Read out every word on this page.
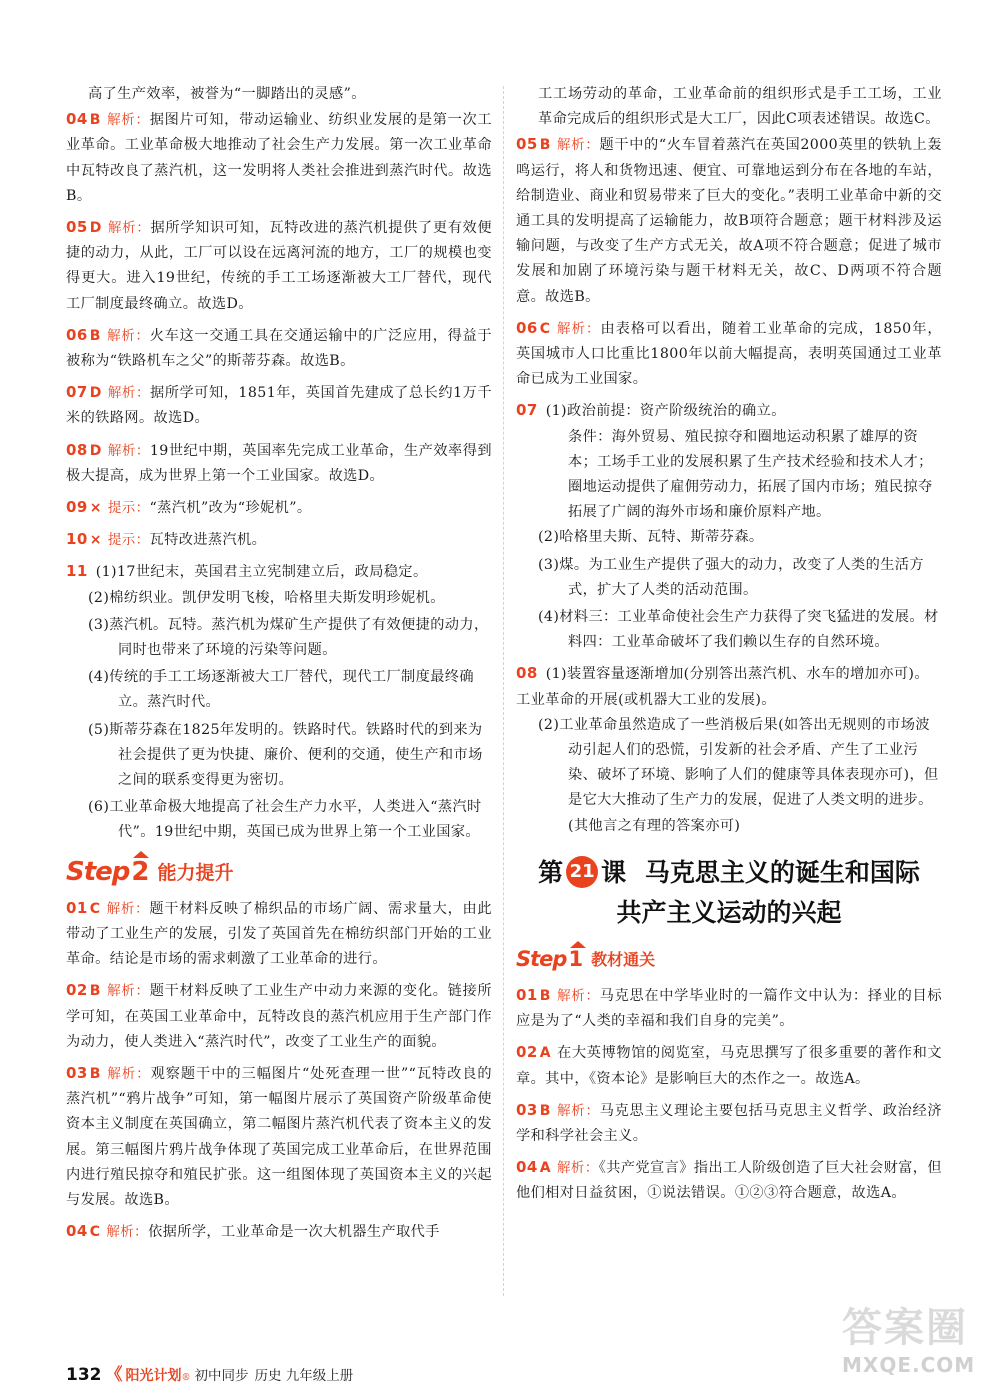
高了生产效率，被誉为“一脚踏出的灵感”。

04 B 解析：据图片可知，带动运输业、纺织业发展的是第一次工业革命。工业革命极大地推动了社会生产力发展。第一次工业革命中瓦特改良了蒸汽机，这一发明将人类社会推进到蒸汽时代。故选B。

05 D 解析：据所学知识可知，瓦特改进的蒸汽机提供了更有效便捷的动力，从此，工厂可以设在远离河流的地方，工厂的规模也变得更大。进入19世纪，传统的手工工场逐渐被大工厂替代，现代工厂制度最终确立。故选D。

06 B 解析：火车这一交通工具在交通运输中的广泛应用，得益于被称为“铁路机车之父”的斯蒂芬森。故选B。

07 D 解析：据所学可知，1851年，英国首先建成了总长约1万千米的铁路网。故选D。

08 D 解析：19世纪中期，英国率先完成工业革命，生产效率得到极大提高，成为世界上第一个工业国家。故选D。

09 × 提示：“蒸汽机”改为“珍妮机”。

10 × 提示：瓦特改进蒸汽机。

11 (1)17世纪末，英国君主立宪制建立后，政局稳定。

(2)棉纺织业。凯伊发明飞梭，哈格里夫斯发明珍妮机。

(3)蒸汽机。瓦特。蒸汽机为煤矿生产提供了有效便捷的动力，同时也带来了环境的污染等问题。

(4)传统的手工工场逐渐被大工厂替代，现代工厂制度最终确立。蒸汽时代。

(5)斯蒂芬森在1825年发明的。铁路时代。铁路时代的到来为社会提供了更为快捷、廉价、便利的交通，使生产和市场之间的联系变得更为密切。

(6)工业革命极大地提高了社会生产力水平，人类进入“蒸汽时代”。19世纪中期，英国已成为世界上第一个工业国家。

Step 2 能力提升

01 C 解析：题干材料反映了棉织品的市场广阔、需求量大，由此带动了工业生产的发展，引发了英国首先在棉纺织部门开始的工业革命。结论是市场的需求刺激了工业革命的进行。

02 B 解析：题干材料反映了工业生产中动力来源的变化。链接所学可知，在英国工业革命中，瓦特改良的蒸汽机应用于生产部门作为动力，使人类进入“蒸汽时代”，改变了工业生产的面貌。

03 B 解析：观察题干中的三幅图片“处死查理一世”“瓦特改良的蒸汽机”“鸦片战争”可知，第一幅图片展示了英国资产阶级革命使资本主义制度在英国确立，第二幅图片蒸汽机代表了资本主义的发展。第三幅图片鸦片战争体现了英国完成工业革命后，在世界范围内进行殖民掠夺和殖民扩张。这一组图体现了英国资本主义的兴起与发展。故选B。

04 C 解析：依据所学，工业革命是一次大机器生产取代手

工工场劳动的革命，工业革命前的组织形式是手工工场，工业革命完成后的组织形式是大工厂，因此C项表述错误。故选C。

05 B 解析：题干中的“火车冒着蒸汽在英国2000英里的铁轨上轰鸣运行，将人和货物迅速、便宜、可靠地运到分布在各地的车站，给制造业、商业和贸易带来了巨大的变化。”表明工业革命中新的交通工具的发明提高了运输能力，故B项符合题意；题干材料涉及运输问题，与改变了生产方式无关，故A项不符合题意；促进了城市发展和加剧了环境污染与题干材料无关，故C、D两项不符合题意。故选B。

06 C 解析：由表格可以看出，随着工业革命的完成，1850年，英国城市人口比重比1800年以前大幅提高，表明英国通过工业革命已成为工业国家。

07 (1)政治前提：资产阶级统治的确立。

条件：海外贸易、殖民掠夺和圈地运动积累了雄厚的资本；工场手工业的发展积累了生产技术经验和技术人才；圈地运动提供了雇佣劳动力，拓展了国内市场；殖民掠夺拓展了广阔的海外市场和廉价原料产地。

(2)哈格里夫斯、瓦特、斯蒂芬森。

(3)煤。为工业生产提供了强大的动力，改变了人类的生活方式，扩大了人类的活动范围。

(4)材料三：工业革命使社会生产力获得了突飞猛进的发展。材料四：工业革命破坏了我们赖以生存的自然环境。

08 (1)装置容量逐渐增加(分别答出蒸汽机、水车的增加亦可)。工业革命的开展(或机器大工业的发展)。

(2)工业革命虽然造成了一些消极后果(如答出无规则的市场波动引起人们的恐慌，引发新的社会矛盾、产生了工业污染、破坏了环境、影响了人们的健康等具体表现亦可)，但是它大大推动了生产力的发展，促进了人类文明的进步。(其他言之有理的答案亦可)

第 21 课 马克思主义的诞生和国际
共产主义运动的兴起
Step 1 教材通关

01 B 解析：马克思在中学毕业时的一篇作文中认为：择业的目标应是为了“人类的幸福和我们自身的完美”。

02 A 在大英博物馆的阅览室，马克思撰写了很多重要的著作和文章。其中，《资本论》是影响巨大的杰作之一。故选A。

03 B 解析：马克思主义理论主要包括马克思主义哲学、政治经济学和科学社会主义。

04 A 解析：《共产党宣言》指出工人阶级创造了巨大社会财富，但他们相对日益贫困，①说法错误。①②③符合题意，故选A。

132 《 阳光计划 ® 初中同步 历史 九年级上册
答案圈
MXQE.COM
